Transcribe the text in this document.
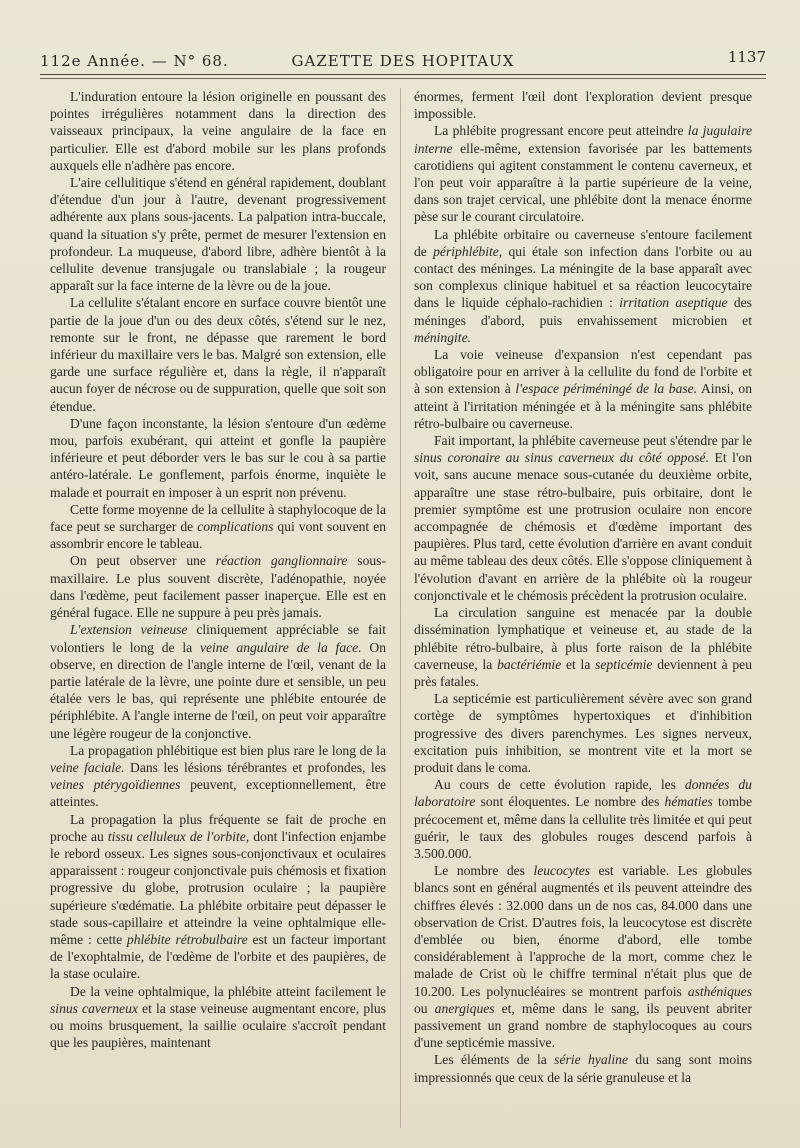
112e Année. — N° 68.	GAZETTE DES HOPITAUX	1137

L'induration entoure la lésion originelle en poussant des pointes irrégulières notamment dans la direction des vaisseaux principaux, la veine angulaire de la face en particulier. Elle est d'abord mobile sur les plans profonds auxquels elle n'adhère pas encore.

L'aire cellulitique s'étend en général rapidement, doublant d'étendue d'un jour à l'autre, devenant progressivement adhérente aux plans sous-jacents. La palpation intra-buccale, quand la situation s'y prête, permet de mesurer l'extension en profondeur. La muqueuse, d'abord libre, adhère bientôt à la cellulite devenue transjugale ou translabiale ; la rougeur apparaît sur la face interne de la lèvre ou de la joue.

La cellulite s'étalant encore en surface couvre bientôt une partie de la joue d'un ou des deux côtés, s'étend sur le nez, remonte sur le front, ne dépasse que rarement le bord inférieur du maxillaire vers le bas. Malgré son extension, elle garde une surface régulière et, dans la règle, il n'apparaît aucun foyer de nécrose ou de suppuration, quelle que soit son étendue.

D'une façon inconstante, la lésion s'entoure d'un œdème mou, parfois exubérant, qui atteint et gonfle la paupière inférieure et peut déborder vers le bas sur le cou à sa partie antéro-latérale. Le gonflement, parfois énorme, inquiète le malade et pourrait en imposer à un esprit non prévenu.

Cette forme moyenne de la cellulite à staphylocoque de la face peut se surcharger de complications qui vont souvent en assombrir encore le tableau.

On peut observer une réaction ganglionnaire sous-maxillaire. Le plus souvent discrète, l'adénopathie, noyée dans l'œdème, peut facilement passer inaperçue. Elle est en général fugace. Elle ne suppure à peu près jamais.

L'extension veineuse cliniquement appréciable se fait volontiers le long de la veine angulaire de la face. On observe, en direction de l'angle interne de l'œil, venant de la partie latérale de la lèvre, une pointe dure et sensible, un peu étalée vers le bas, qui représente une phlébite entourée de périphlébite. A l'angle interne de l'œil, on peut voir apparaître une légère rougeur de la conjonctive.

La propagation phlébitique est bien plus rare le long de la veine faciale. Dans les lésions térébrantes et profondes, les veines ptérygoïdiennes peuvent, exceptionnellement, être atteintes.

La propagation la plus fréquente se fait de proche en proche au tissu celluleux de l'orbite, dont l'infection enjambe le rebord osseux. Les signes sous-conjonctivaux et oculaires apparaissent : rougeur conjonctivale puis chémosis et fixation progressive du globe, protrusion oculaire ; la paupière supérieure s'œdématie. La phlébite orbitaire peut dépasser le stade sous-capillaire et atteindre la veine ophtalmique elle-même : cette phlébite rétrobulbaire est un facteur important de l'exophtalmie, de l'œdème de l'orbite et des paupières, de la stase oculaire.

De la veine ophtalmique, la phlébite atteint facilement le sinus caverneux et la stase veineuse augmentant encore, plus ou moins brusquement, la saillie oculaire s'accroît pendant que les paupières, maintenant

énormes, ferment l'œil dont l'exploration devient presque impossible.

La phlébite progressant encore peut atteindre la jugulaire interne elle-même, extension favorisée par les battements carotidiens qui agitent constamment le contenu caverneux, et l'on peut voir apparaître à la partie supérieure de la veine, dans son trajet cervical, une phlébite dont la menace énorme pèse sur le courant circulatoire.

La phlébite orbitaire ou caverneuse s'entoure facilement de périphlébite, qui étale son infection dans l'orbite ou au contact des méninges. La méningite de la base apparaît avec son complexus clinique habituel et sa réaction leucocytaire dans le liquide céphalo-rachidien : irritation aseptique des méninges d'abord, puis envahissement microbien et méningite.

La voie veineuse d'expansion n'est cependant pas obligatoire pour en arriver à la cellulite du fond de l'orbite et à son extension à l'espace périméningé de la base. Ainsi, on atteint à l'irritation méningée et à la méningite sans phlébite rétro-bulbaire ou caverneuse.

Fait important, la phlébite caverneuse peut s'étendre par le sinus coronaire au sinus caverneux du côté opposé. Et l'on voit, sans aucune menace sous-cutanée du deuxième orbite, apparaître une stase rétro-bulbaire, puis orbitaire, dont le premier symptôme est une protrusion oculaire non encore accompagnée de chémosis et d'œdème important des paupières. Plus tard, cette évolution d'arrière en avant conduit au même tableau des deux côtés. Elle s'oppose cliniquement à l'évolution d'avant en arrière de la phlébite où la rougeur conjonctivale et le chémosis précèdent la protrusion oculaire.

La circulation sanguine est menacée par la double dissémination lymphatique et veineuse et, au stade de la phlébite rétro-bulbaire, à plus forte raison de la phlébite caverneuse, la bactériémie et la septicémie deviennent à peu près fatales.

La septicémie est particulièrement sévère avec son grand cortège de symptômes hypertoxiques et d'inhibition progressive des divers parenchymes. Les signes nerveux, excitation puis inhibition, se montrent vite et la mort se produit dans le coma.

Au cours de cette évolution rapide, les données du laboratoire sont éloquentes. Le nombre des hématies tombe précocement et, même dans la cellulite très limitée et qui peut guérir, le taux des globules rouges descend parfois à 3.500.000.

Le nombre des leucocytes est variable. Les globules blancs sont en général augmentés et ils peuvent atteindre des chiffres élevés : 32.000 dans un de nos cas, 84.000 dans une observation de Crist. D'autres fois, la leucocytose est discrète d'emblée ou bien, énorme d'abord, elle tombe considérablement à l'approche de la mort, comme chez le malade de Crist où le chiffre terminal n'était plus que de 10.200. Les polynucléaires se montrent parfois asthéniques ou anergiques et, même dans le sang, ils peuvent abriter passivement un grand nombre de staphylocoques au cours d'une septicémie massive.

Les éléments de la série hyaline du sang sont moins impressionnés que ceux de la série granuleuse et la
